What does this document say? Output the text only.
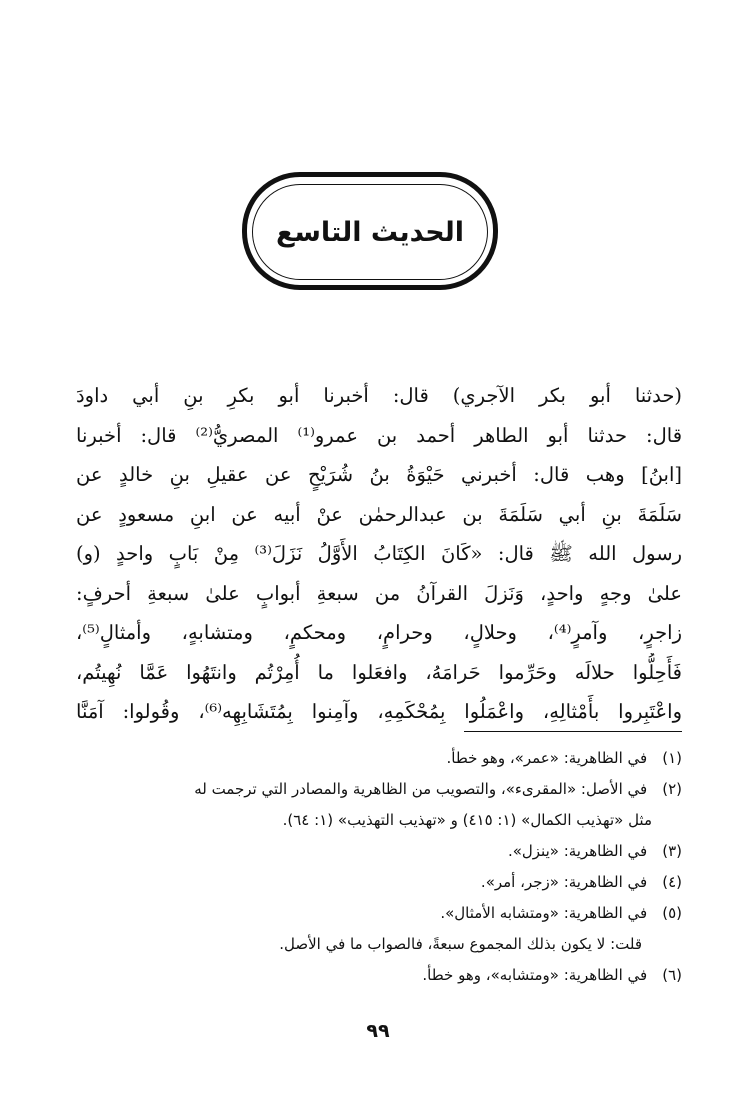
الحديث التاسع
(حدثنا أبو بكر الآجري) قال: أخبرنا أبو بكرِ بنِ أبي داودَ
قال: حدثنا أبو الطاهر أحمد بن عمرو⁽¹⁾ المصريُّ⁽²⁾ قال: أخبرنا
[ابنُ] وهب قال: أخبرني حَيْوَةُ بنُ شُرَيْحٍ عن عقيلِ بنِ خالدٍ عن
سَلَمَةَ بنِ أبي سَلَمَةَ بن عبدالرحمٰن عنْ أبيه عن ابنِ مسعودٍ عن
رسول الله ﷺ قال: «كَانَ الكِتَابُ الأَوَّلُ نَزَلَ⁽³⁾ مِنْ بَابٍ واحدٍ (و)
علىٰ وجهٍ واحدٍ، وَنَزلَ القرآنُ من سبعةِ أبوابٍ علىٰ سبعةِ أحرفٍ:
زاجرٍ، وآمرٍ⁽⁴⁾، وحلالٍ، وحرامٍ، ومحكمٍ، ومتشابهٍ، وأمثالٍ⁽⁵⁾،
فَأَحِلُّوا حلالَه وحَرِّموا حَرامَهُ، وافعَلوا ما أُمِرْتُم وانتَهُوا عَمَّا نُهِيتُم،
واعْتَبِروا بأَمْثالِهِ، واعْمَلُوا بِمُحْكَمِهِ، وآمِنوا بِمُتَشَابِهِه⁽⁶⁾، وقُولوا: آمَنَّا
(١) في الظاهرية: «عمر»، وهو خطأ.
(٢) في الأصل: «المقرىء»، والتصويب من الظاهرية والمصادر التي ترجمت له
مثل «تهذيب الكمال» (١: ٤١٥) و «تهذيب التهذيب» (١: ٦٤).
(٣) في الظاهرية: «ينزل».
(٤) في الظاهرية: «زجر، أمر».
(٥) في الظاهرية: «ومتشابه الأمثال».
قلت: لا يكون بذلك المجموع سبعةً، فالصواب ما في الأصل.
(٦) في الظاهرية: «ومتشابه»، وهو خطأ.
٩٩
